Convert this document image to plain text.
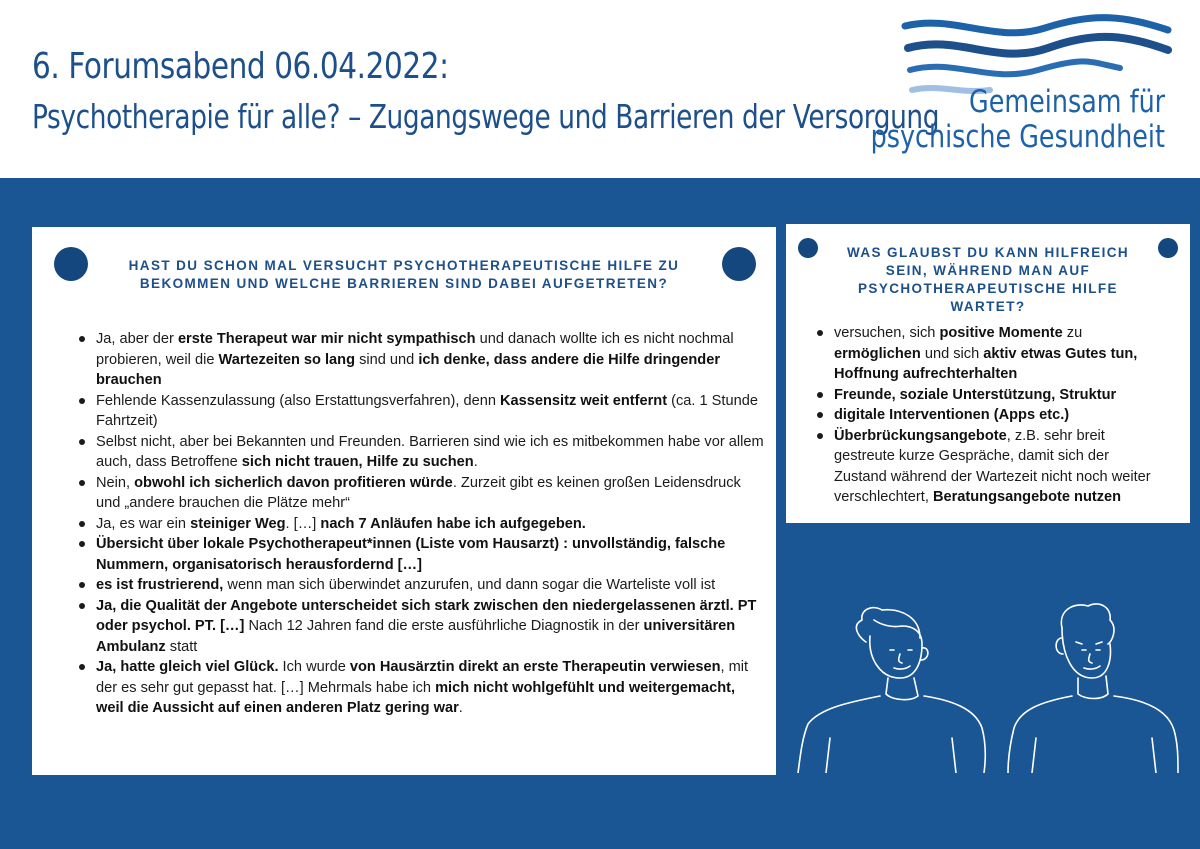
6. Forumsabend 06.04.2022:
Psychotherapie für alle? – Zugangswege und Barrieren der Versorgung Gemeinsam für
psychische Gesundheit
HAST DU SCHON MAL VERSUCHT PSYCHOTHERAPEUTISCHE HILFE ZU BEKOMMEN UND WELCHE BARRIEREN SIND DABEI AUFGETRETEN?
Ja, aber der erste Therapeut war mir nicht sympathisch und danach wollte ich es nicht nochmal probieren, weil die Wartezeiten so lang sind und ich denke, dass andere die Hilfe dringender brauchen
Fehlende Kassenzulassung (also Erstattungsverfahren), denn Kassensitz weit entfernt (ca. 1 Stunde Fahrtzeit)
Selbst nicht, aber bei Bekannten und Freunden. Barrieren sind wie ich es mitbekommen habe vor allem auch, dass Betroffene sich nicht trauen, Hilfe zu suchen.
Nein, obwohl ich sicherlich davon profitieren würde. Zurzeit gibt es keinen großen Leidensdruck und „andere brauchen die Plätze mehr“
Ja, es war ein steiniger Weg. […] nach 7 Anläufen habe ich aufgegeben.
Übersicht über lokale Psychotherapeut*innen (Liste vom Hausarzt) : unvollständig, falsche Nummern, organisatorisch herausfordernd […]
es ist frustrierend, wenn man sich überwindet anzurufen, und dann sogar die Warteliste voll ist
Ja, die Qualität der Angebote unterscheidet sich stark zwischen den niedergelassenen ärztl. PT oder psychol. PT. […] Nach 12 Jahren fand die erste ausführliche Diagnostik in der universitären Ambulanz statt
Ja, hatte gleich viel Glück. Ich wurde von Hausärztin direkt an erste Therapeutin verwiesen, mit der es sehr gut gepasst hat. […] Mehrmals habe ich mich nicht wohlgefühlt und weitergemacht, weil die Aussicht auf einen anderen Platz gering war.
WAS GLAUBST DU KANN HILFREICH SEIN, WÄHREND MAN AUF PSYCHOTHERAPEUTISCHE HILFE WARTET?
versuchen, sich positive Momente zu ermöglichen und sich aktiv etwas Gutes tun, Hoffnung aufrechterhalten
Freunde, soziale Unterstützung, Struktur
digitale Interventionen (Apps etc.)
Überbrückungsangebote, z.B. sehr breit gestreute kurze Gespräche, damit sich der Zustand während der Wartezeit nicht noch weiter verschlechtert, Beratungsangebote nutzen
